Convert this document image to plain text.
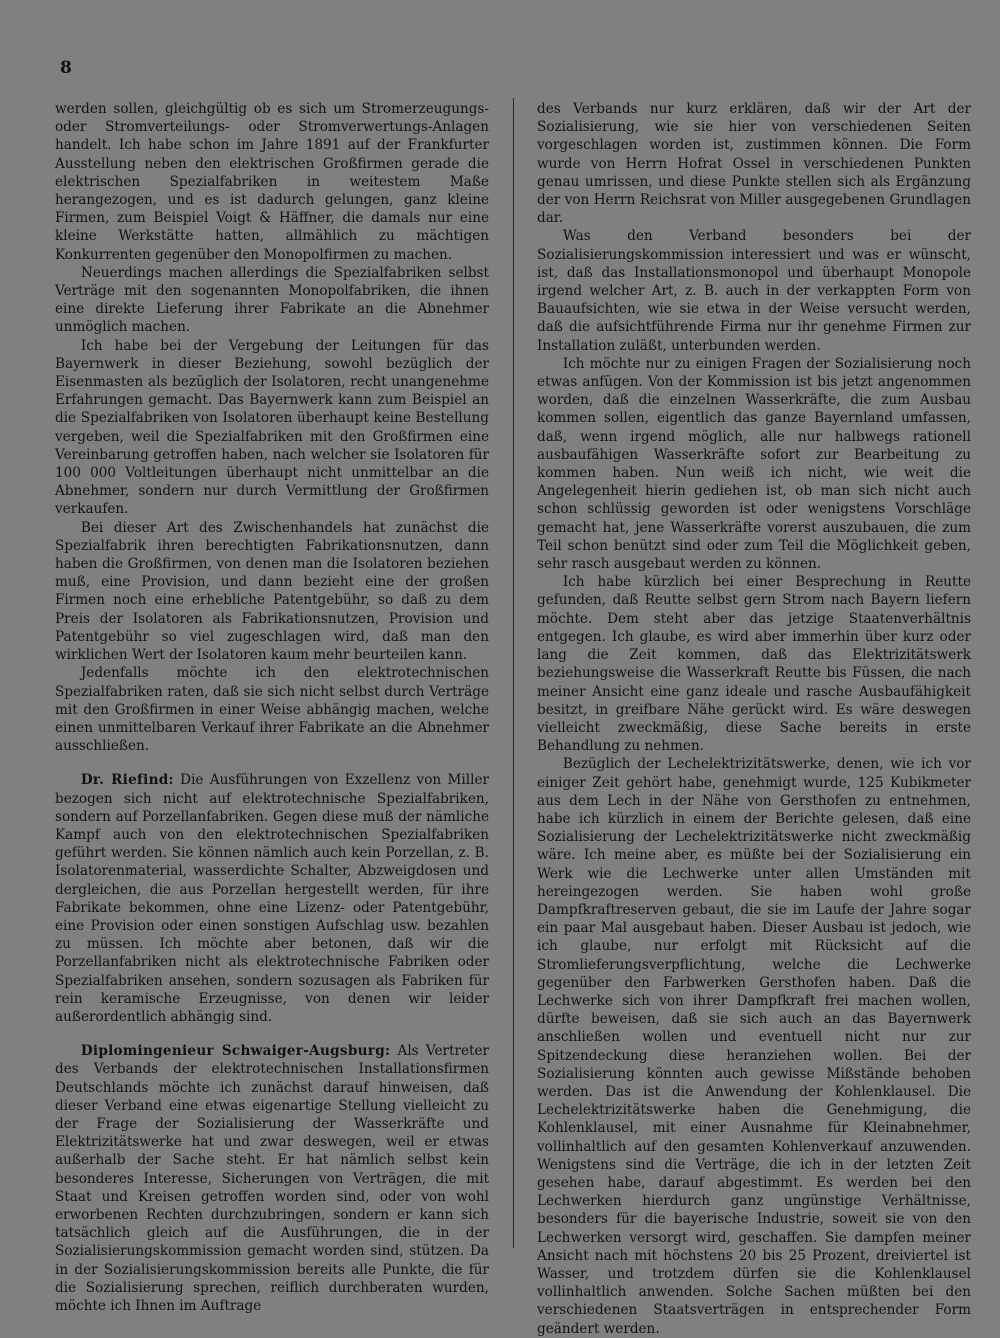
8

werden sollen, gleichgültig ob es sich um Stromerzeugungs- oder Stromverteilungs- oder Stromverwertungs-Anlagen handelt. Ich habe schon im Jahre 1891 auf der Frankfurter Ausstellung neben den elektrischen Großfirmen gerade die elektrischen Spezialfabriken in weitestem Maße herangezogen, und es ist dadurch gelungen, ganz kleine Firmen, zum Beispiel Voigt & Häffner, die damals nur eine kleine Werkstätte hatten, allmählich zu mächtigen Konkurrenten gegenüber den Monopolfirmen zu machen.

Neuerdings machen allerdings die Spezialfabriken selbst Verträge mit den sogenannten Monopolfabriken, die ihnen eine direkte Lieferung ihrer Fabrikate an die Abnehmer unmöglich machen.

Ich habe bei der Vergebung der Leitungen für das Bayernwerk in dieser Beziehung, sowohl bezüglich der Eisenmasten als bezüglich der Isolatoren, recht unangenehme Erfahrungen gemacht. Das Bayernwerk kann zum Beispiel an die Spezialfabriken von Isolatoren überhaupt keine Bestellung vergeben, weil die Spezialfabriken mit den Großfirmen eine Vereinbarung getroffen haben, nach welcher sie Isolatoren für 100 000 Voltleitungen überhaupt nicht unmittelbar an die Abnehmer, sondern nur durch Vermittlung der Großfirmen verkaufen.

Bei dieser Art des Zwischenhandels hat zunächst die Spezialfabrik ihren berechtigten Fabrikationsnutzen, dann haben die Großfirmen, von denen man die Isolatoren beziehen muß, eine Provision, und dann bezieht eine der großen Firmen noch eine erhebliche Patentgebühr, so daß zu dem Preis der Isolatoren als Fabrikationsnutzen, Provision und Patentgebühr so viel zugeschlagen wird, daß man den wirklichen Wert der Isolatoren kaum mehr beurteilen kann.

Jedenfalls möchte ich den elektrotechnischen Spezialfabriken raten, daß sie sich nicht selbst durch Verträge mit den Großfirmen in einer Weise abhängig machen, welche einen unmittelbaren Verkauf ihrer Fabrikate an die Abnehmer ausschließen.

Dr. Riefind: Die Ausführungen von Exzellenz von Miller bezogen sich nicht auf elektrotechnische Spezialfabriken, sondern auf Porzellanfabriken. Gegen diese muß der nämliche Kampf auch von den elektrotechnischen Spezialfabriken geführt werden. Sie können nämlich auch kein Porzellan, z. B. Isolatorenmaterial, wasserdichte Schalter, Abzweigdosen und dergleichen, die aus Porzellan hergestellt werden, für ihre Fabrikate bekommen, ohne eine Lizenz- oder Patentgebühr, eine Provision oder einen sonstigen Aufschlag usw. bezahlen zu müssen. Ich möchte aber betonen, daß wir die Porzellanfabriken nicht als elektrotechnische Fabriken oder Spezialfabriken ansehen, sondern sozusagen als Fabriken für rein keramische Erzeugnisse, von denen wir leider außerordentlich abhängig sind.

Diplomingenieur Schwaiger-Augsburg: Als Vertreter des Verbands der elektrotechnischen Installationsfirmen Deutschlands möchte ich zunächst darauf hinweisen, daß dieser Verband eine etwas eigenartige Stellung vielleicht zu der Frage der Sozialisierung der Wasserkräfte und Elektrizitätswerke hat und zwar deswegen, weil er etwas außerhalb der Sache steht. Er hat nämlich selbst kein besonderes Interesse, Sicherungen von Verträgen, die mit Staat und Kreisen getroffen worden sind, oder von wohl erworbenen Rechten durchzubringen, sondern er kann sich tatsächlich gleich auf die Ausführungen, die in der Sozialisierungskommission gemacht worden sind, stützen. Da in der Sozialisierungskommission bereits alle Punkte, die für die Sozialisierung sprechen, reiflich durchberaten wurden, möchte ich Ihnen im Auftrage

des Verbands nur kurz erklären, daß wir der Art der Sozialisierung, wie sie hier von verschiedenen Seiten vorgeschlagen worden ist, zustimmen können. Die Form wurde von Herrn Hofrat Ossel in verschiedenen Punkten genau umrissen, und diese Punkte stellen sich als Ergänzung der von Herrn Reichsrat von Miller ausgegebenen Grundlagen dar.

Was den Verband besonders bei der Sozialisierungskommission interessiert und was er wünscht, ist, daß das Installationsmonopol und überhaupt Monopole irgend welcher Art, z. B. auch in der verkappten Form von Bauaufsichten, wie sie etwa in der Weise versucht werden, daß die aufsichtführende Firma nur ihr genehme Firmen zur Installation zuläßt, unterbunden werden.

Ich möchte nur zu einigen Fragen der Sozialisierung noch etwas anfügen. Von der Kommission ist bis jetzt angenommen worden, daß die einzelnen Wasserkräfte, die zum Ausbau kommen sollen, eigentlich das ganze Bayernland umfassen, daß, wenn irgend möglich, alle nur halbwegs rationell ausbaufähigen Wasserkräfte sofort zur Bearbeitung zu kommen haben. Nun weiß ich nicht, wie weit die Angelegenheit hierin gediehen ist, ob man sich nicht auch schon schlüssig geworden ist oder wenigstens Vorschläge gemacht hat, jene Wasserkräfte vorerst auszubauen, die zum Teil schon benützt sind oder zum Teil die Möglichkeit geben, sehr rasch ausgebaut werden zu können.

Ich habe kürzlich bei einer Besprechung in Reutte gefunden, daß Reutte selbst gern Strom nach Bayern liefern möchte. Dem steht aber das jetzige Staatenverhältnis entgegen. Ich glaube, es wird aber immerhin über kurz oder lang die Zeit kommen, daß das Elektrizitätswerk beziehungsweise die Wasserkraft Reutte bis Füssen, die nach meiner Ansicht eine ganz ideale und rasche Ausbaufähigkeit besitzt, in greifbare Nähe gerückt wird. Es wäre deswegen vielleicht zweckmäßig, diese Sache bereits in erste Behandlung zu nehmen.

Bezüglich der Lechelektrizitätswerke, denen, wie ich vor einiger Zeit gehört habe, genehmigt wurde, 125 Kubikmeter aus dem Lech in der Nähe von Gersthofen zu entnehmen, habe ich kürzlich in einem der Berichte gelesen, daß eine Sozialisierung der Lechelektrizitätswerke nicht zweckmäßig wäre. Ich meine aber, es müßte bei der Sozialisierung ein Werk wie die Lechwerke unter allen Umständen mit hereingezogen werden. Sie haben wohl große Dampfkraftreserven gebaut, die sie im Laufe der Jahre sogar ein paar Mal ausgebaut haben. Dieser Ausbau ist jedoch, wie ich glaube, nur erfolgt mit Rücksicht auf die Stromlieferungsverpflichtung, welche die Lechwerke gegenüber den Farbwerken Gersthofen haben. Daß die Lechwerke sich von ihrer Dampfkraft frei machen wollen, dürfte beweisen, daß sie sich auch an das Bayernwerk anschließen wollen und eventuell nicht nur zur Spitzendeckung diese heranziehen wollen. Bei der Sozialisierung könnten auch gewisse Mißstände behoben werden. Das ist die Anwendung der Kohlenklausel. Die Lechelektrizitätswerke haben die Genehmigung, die Kohlenklausel, mit einer Ausnahme für Kleinabnehmer, vollinhaltlich auf den gesamten Kohlenverkauf anzuwenden. Wenigstens sind die Verträge, die ich in der letzten Zeit gesehen habe, darauf abgestimmt. Es werden bei den Lechwerken hierdurch ganz ungünstige Verhältnisse, besonders für die bayerische Industrie, soweit sie von den Lechwerken versorgt wird, geschaffen. Sie dampfen meiner Ansicht nach mit höchstens 20 bis 25 Prozent, dreiviertel ist Wasser, und trotzdem dürfen sie die Kohlenklausel vollinhaltlich anwenden. Solche Sachen müßten bei den verschiedenen Staatsverträgen in entsprechender Form geändert werden.
